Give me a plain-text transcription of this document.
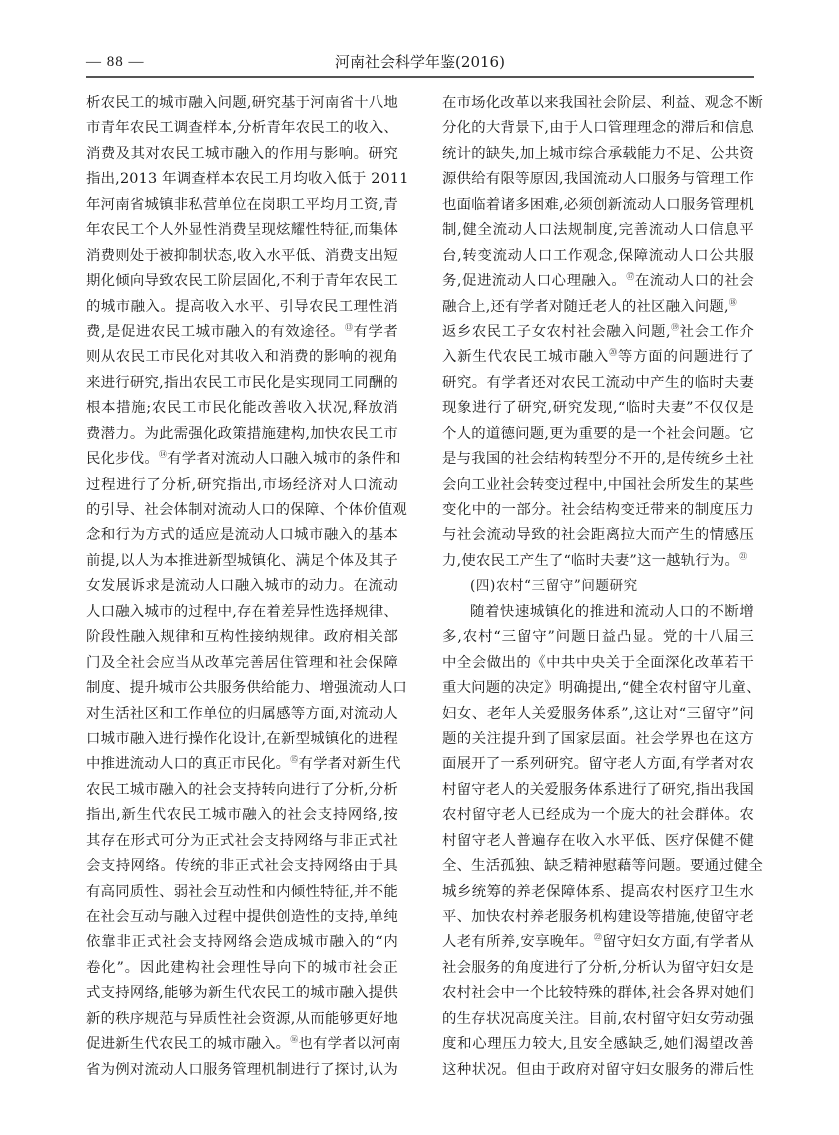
— 88 —	河南社会科学年鉴(2016)
析农民工的城市融入问题,研究基于河南省十八地
市青年农民工调查样本,分析青年农民工的收入、
消费及其对农民工城市融入的作用与影响。研究
指出,2013 年调查样本农民工月均收入低于 2011
年河南省城镇非私营单位在岗职工平均月工资,青
年农民工个人外显性消费呈现炫耀性特征,而集体
消费则处于被抑制状态,收入水平低、消费支出短
期化倾向导致农民工阶层固化,不利于青年农民工
的城市融入。提高收入水平、引导农民工理性消
费,是促进农民工城市融入的有效途径。⑬有学者
则从农民工市民化对其收入和消费的影响的视角
来进行研究,指出农民工市民化是实现同工同酬的
根本措施;农民工市民化能改善收入状况,释放消
费潜力。为此需强化政策措施建构,加快农民工市
民化步伐。⑭有学者对流动人口融入城市的条件和
过程进行了分析,研究指出,市场经济对人口流动
的引导、社会体制对流动人口的保障、个体价值观
念和行为方式的适应是流动人口城市融入的基本
前提,以人为本推进新型城镇化、满足个体及其子
女发展诉求是流动人口融入城市的动力。在流动
人口融入城市的过程中,存在着差异性选择规律、
阶段性融入规律和互构性接纳规律。政府相关部
门及全社会应当从改革完善居住管理和社会保障
制度、提升城市公共服务供给能力、增强流动人口
对生活社区和工作单位的归属感等方面,对流动人
口城市融入进行操作化设计,在新型城镇化的进程
中推进流动人口的真正市民化。⑮有学者对新生代
农民工城市融入的社会支持转向进行了分析,分析
指出,新生代农民工城市融入的社会支持网络,按
其存在形式可分为正式社会支持网络与非正式社
会支持网络。传统的非正式社会支持网络由于具
有高同质性、弱社会互动性和内倾性特征,并不能
在社会互动与融入过程中提供创造性的支持,单纯
依靠非正式社会支持网络会造成城市融入的“内
卷化”。因此建构社会理性导向下的城市社会正
式支持网络,能够为新生代农民工的城市融入提供
新的秩序规范与异质性社会资源,从而能够更好地
促进新生代农民工的城市融入。⑯也有学者以河南
省为例对流动人口服务管理机制进行了探讨,认为
在市场化改革以来我国社会阶层、利益、观念不断
分化的大背景下,由于人口管理理念的滞后和信息
统计的缺失,加上城市综合承载能力不足、公共资
源供给有限等原因,我国流动人口服务与管理工作
也面临着诸多困难,必须创新流动人口服务管理机
制,健全流动人口法规制度,完善流动人口信息平
台,转变流动人口工作观念,保障流动人口公共服
务,促进流动人口心理融入。⑰在流动人口的社会
融合上,还有学者对随迁老人的社区融入问题,⑱
返乡农民工子女农村社会融入问题,⑲社会工作介
入新生代农民工城市融入⑳等方面的问题进行了
研究。有学者还对农民工流动中产生的临时夫妻
现象进行了研究,研究发现,“临时夫妻”不仅仅是
个人的道德问题,更为重要的是一个社会问题。它
是与我国的社会结构转型分不开的,是传统乡土社
会向工业社会转变过程中,中国社会所发生的某些
变化中的一部分。社会结构变迁带来的制度压力
与社会流动导致的社会距离拉大而产生的情感压
力,使农民工产生了“临时夫妻”这一越轨行为。$^㉑$
(四)农村“三留守”问题研究
随着快速城镇化的推进和流动人口的不断增
多,农村“三留守”问题日益凸显。党的十八届三
中全会做出的《中共中央关于全面深化改革若干
重大问题的决定》明确提出,“健全农村留守儿童、
妇女、老年人关爱服务体系”,这让对“三留守”问
题的关注提升到了国家层面。社会学界也在这方
面展开了一系列研究。留守老人方面,有学者对农
村留守老人的关爱服务体系进行了研究,指出我国
农村留守老人已经成为一个庞大的社会群体。农
村留守老人普遍存在收入水平低、医疗保健不健
全、生活孤独、缺乏精神慰藉等问题。要通过健全
城乡统筹的养老保障体系、提高农村医疗卫生水
平、加快农村养老服务机构建设等措施,使留守老
人老有所养,安享晚年。$^㉒$留守妇女方面,有学者从
社会服务的角度进行了分析,分析认为留守妇女是
农村社会中一个比较特殊的群体,社会各界对她们
的生存状况高度关注。目前,农村留守妇女劳动强
度和心理压力较大,且安全感缺乏,她们渴望改善
这种状况。但由于政府对留守妇女服务的滞后性
